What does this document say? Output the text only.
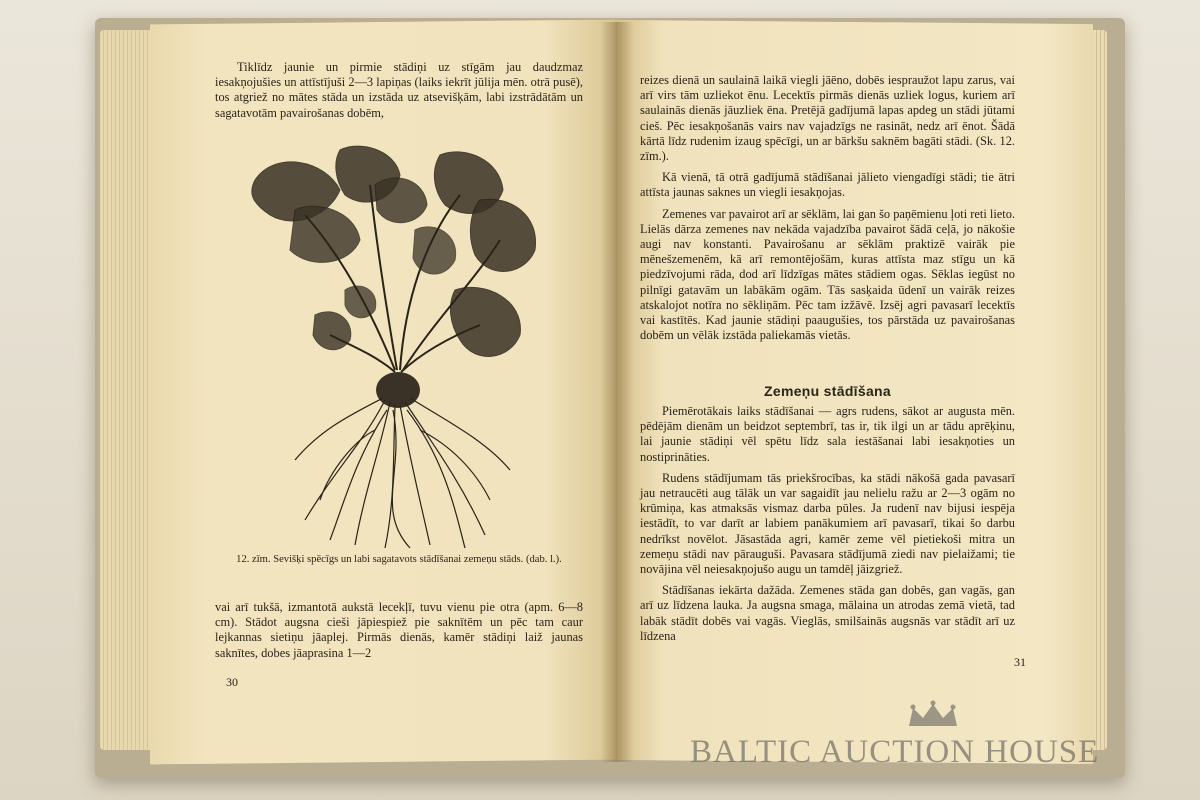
Tiklīdz jaunie un pirmie stādiņi uz stīgām jau daudzmaz iesakņojušies un attīstījuši 2—3 lapiņas (laiks iekrīt jūlija mēn. otrā pusē), tos atgriež no mātes stāda un izstāda uz atsevišķām, labi izstrādātām un sagatavotām pavairošanas dobēm,

12. zīm. Sevišķi spēcīgs un labi sagatavots stādīšanai zemeņu stāds. (dab. l.).

vai arī tukšā, izmantotā aukstā lecekļī, tuvu vienu pie otra (apm. 6—8 cm). Stādot augsna cieši jāpiespiež pie saknītēm un pēc tam caur lejkannas sietiņu jāaplej. Pirmās dienās, kamēr stādiņi laiž jaunas saknītes, dobes jāaprasina 1—2

30

reizes dienā un saulainā laikā viegli jāēno, dobēs iespraužot lapu zarus, vai arī virs tām uzliekot ēnu. Lecektīs pirmās dienās uzliek logus, kuriem arī saulainās dienās jāuzliek ēna. Pretējā gadījumā lapas apdeg un stādi jūtami cieš. Pēc iesakņošanās vairs nav vajadzīgs ne rasināt, nedz arī ēnot. Šādā kārtā līdz rudenim izaug spēcīgi, un ar bārkšu saknēm bagāti stādi. (Sk. 12. zīm.).

Kā vienā, tā otrā gadījumā stādīšanai jālieto viengadīgi stādi; tie ātri attīsta jaunas saknes un viegli iesakņojas.

Zemenes var pavairot arī ar sēklām, lai gan šo paņēmienu ļoti reti lieto. Lielās dārza zemenes nav nekāda vajadzība pavairot šādā ceļā, jo nākošie augi nav konstanti. Pavairošanu ar sēklām praktizē vairāk pie mēnešzemenēm, kā arī remontējošām, kuras attīsta maz stīgu un kā piedzīvojumi rāda, dod arī līdzīgas mātes stādiem ogas. Sēklas iegūst no pilnīgi gatavām un labākām ogām. Tās sasķaida ūdenī un vairāk reizes atskalojot notīra no sēkliņām. Pēc tam izžāvē. Izsēj agri pavasarī lecektīs vai kastītēs. Kad jaunie stādiņi paaugušies, tos pārstāda uz pavairošanas dobēm un vēlāk izstāda paliekamās vietās.

Zemeņu stādīšana

Piemērotākais laiks stādīšanai — agrs rudens, sākot ar augusta mēn. pēdējām dienām un beidzot septembrī, tas ir, tik ilgi un ar tādu aprēķinu, lai jaunie stādiņi vēl spētu līdz sala iestāšanai labi iesakņoties un nostiprināties.

Rudens stādījumam tās priekšrocības, ka stādi nākošā gada pavasarī jau netraucēti aug tālāk un var sagaidīt jau nelielu ražu ar 2—3 ogām no krūmiņa, kas atmaksās vismaz darba pūles. Ja rudenī nav bijusi iespēja iestādīt, to var darīt ar labiem panākumiem arī pavasarī, tikai šo darbu nedrīkst novēlot. Jāsastāda agri, kamēr zeme vēl pietiekoši mitra un zemeņu stādi nav pārauguši. Pavasara stādījumā ziedi nav pielaižami; tie novājina vēl neiesakņojušo augu un tamdēļ jāizgriež.

Stādīšanas iekārta dažāda. Zemenes stāda gan dobēs, gan vagās, gan arī uz līdzena lauka. Ja augsna smaga, mālaina un atrodas zemā vietā, tad labāk stādīt dobēs vai vagās. Vieglās, smilšainās augsnās var stādīt arī uz līdzena

31
BALTIC AUCTION HOUSE
